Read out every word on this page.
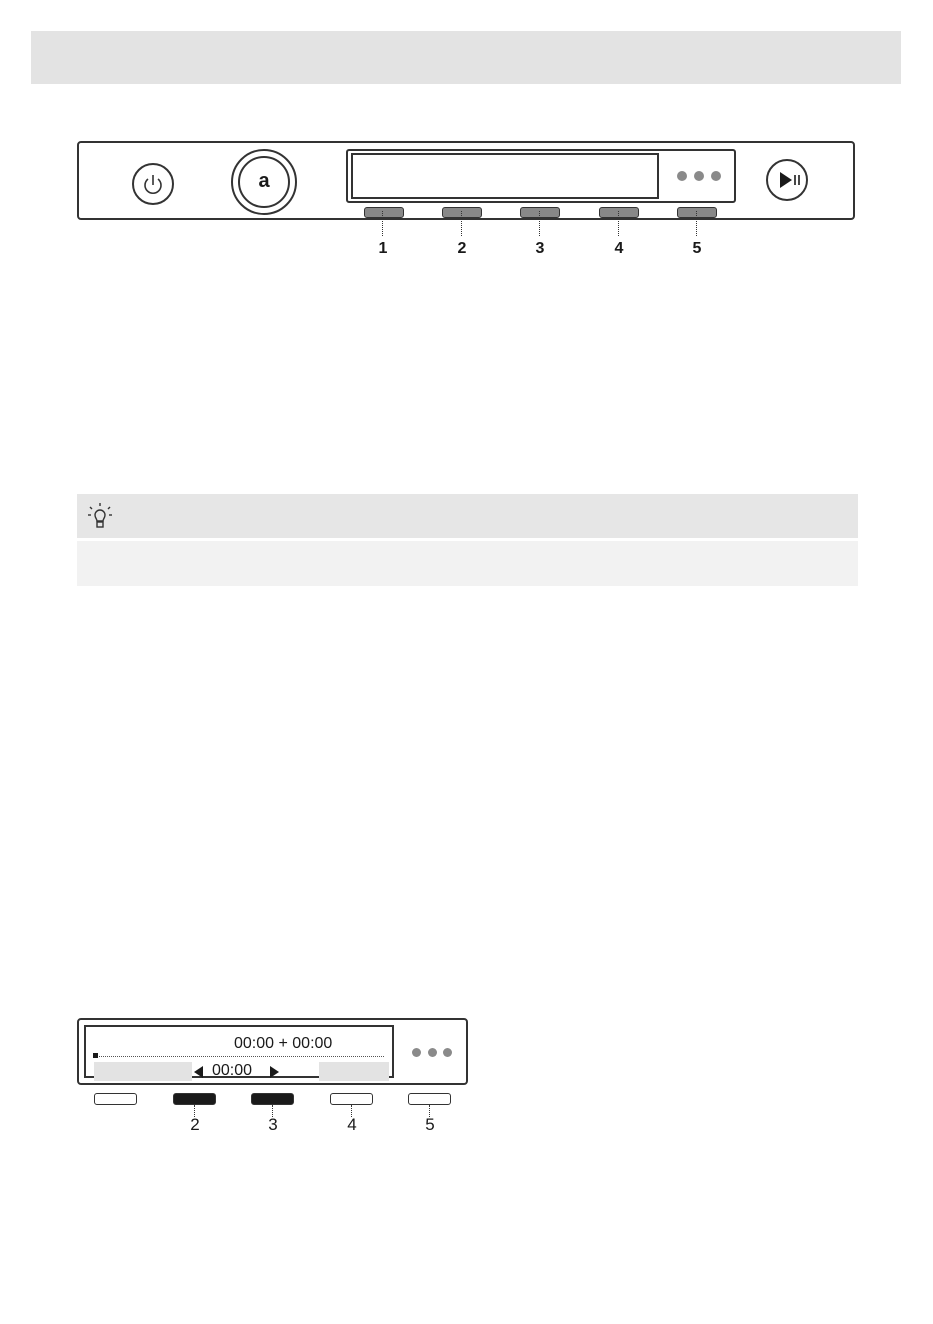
a
1	2	3	4	5
00:00 + 00:00
00:00
2	3	4	5
